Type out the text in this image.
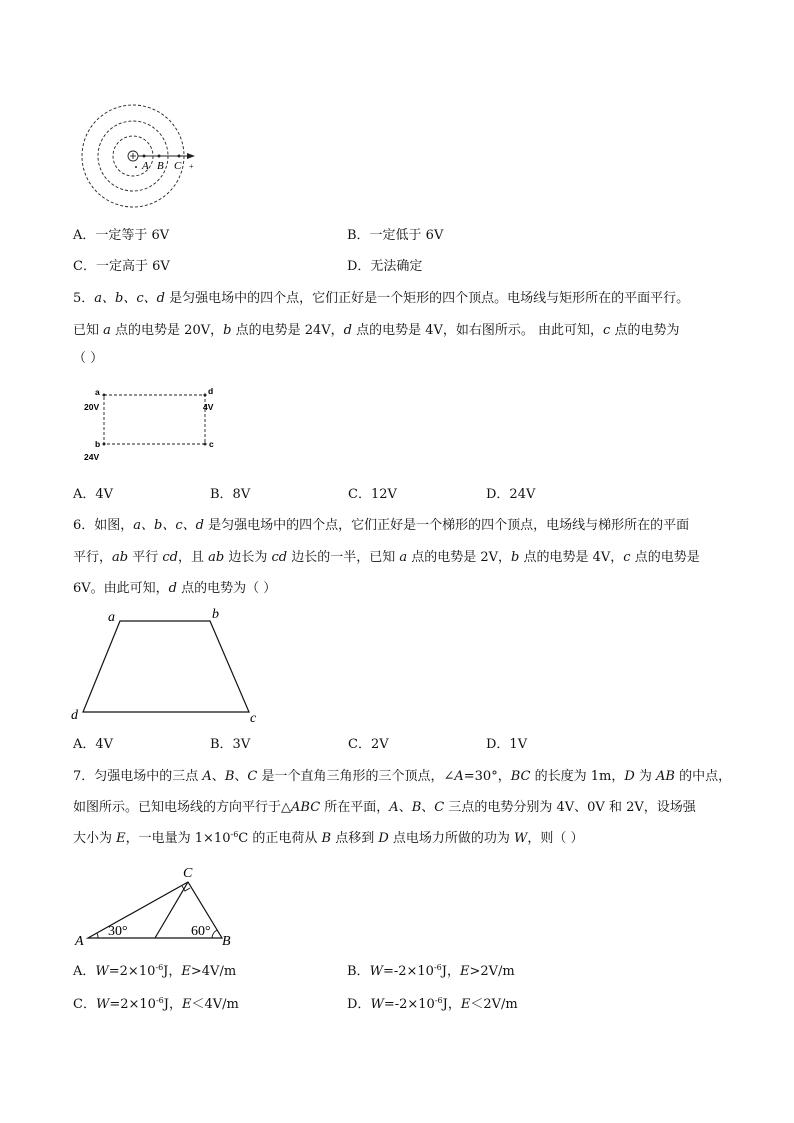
A B C +
A．一定等于 6V	B．一定低于 6V
C．一定高于 6V	D．无法确定
5．a、b、c、d 是匀强电场中的四个点，它们正好是一个矩形的四个顶点。电场线与矩形所在的平面平行。
已知 a 点的电势是 20V，b 点的电势是 24V，d 点的电势是 4V，如右图所示。 由此可知，c 点的电势为
（ ）
a
20V
d
4V
b
24V
c
A．4V	B．8V	C．12V	D．24V
6．如图，a、b、c、d 是匀强电场中的四个点，它们正好是一个梯形的四个顶点，电场线与梯形所在的平面
平行，ab 平行 cd，且 ab 边长为 cd 边长的一半，已知 a 点的电势是 2V，b 点的电势是 4V，c 点的电势是
6V。由此可知，d 点的电势为（ ）
a	b
d	c
A．4V	B．3V	C．2V	D．1V
7．匀强电场中的三点 A、B、C 是一个直角三角形的三个顶点，∠A=30°，BC 的长度为 1m，D 为 AB 的中点，
如图所示。已知电场线的方向平行于△ABC 所在平面，A、B、C 三点的电势分别为 4V、0V 和 2V，设场强
大小为 E，一电量为 $1\times 10^{-6}C$ 的正电荷从 B 点移到 D 点电场力所做的功为 W，则（ ）
C
A	B
30°	60°
A．$W=2\times 10^{-6}J$，E>4V/m	B．$W=-2\times 10^{-6}J$，E>2V/m
C．$W=2\times 10^{-6}J$，E＜4V/m	D．$W=-2\times 10^{-6}J$，E＜2V/m
